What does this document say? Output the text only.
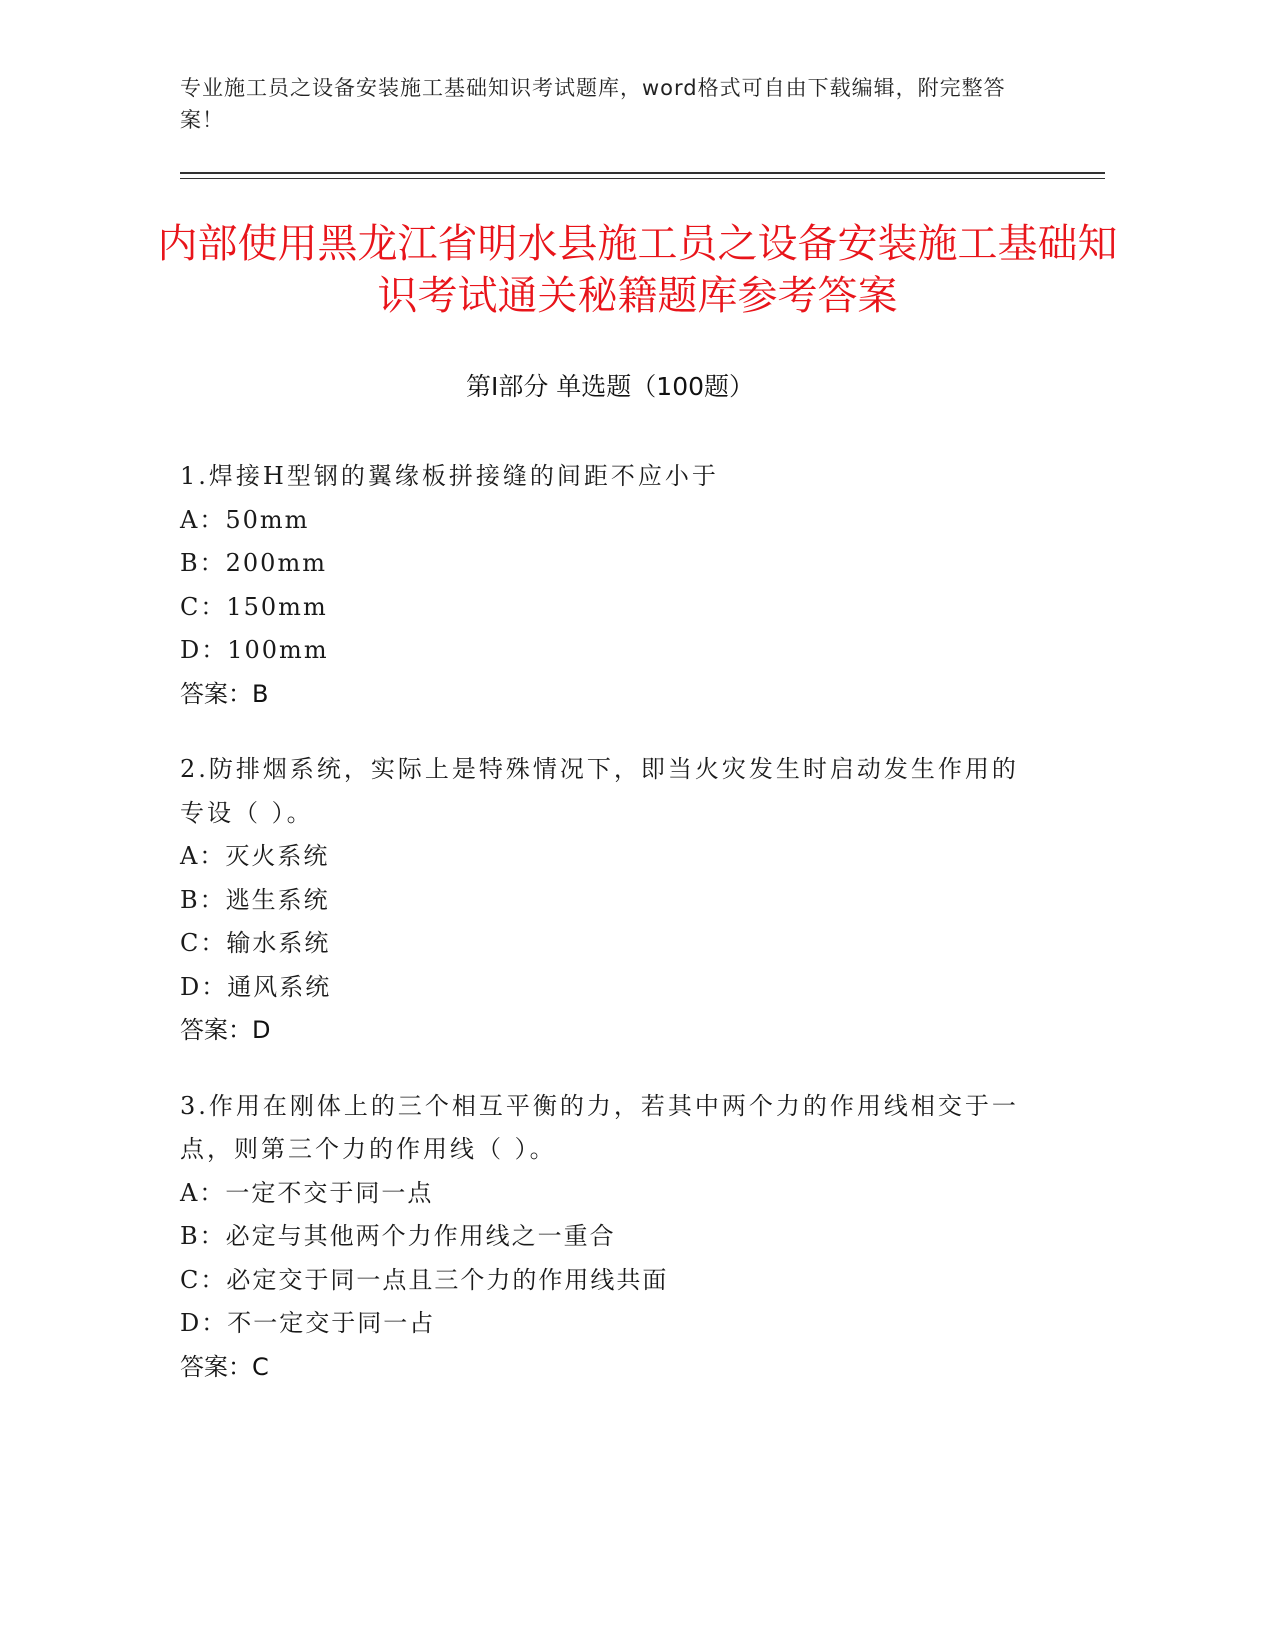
专业施工员之设备安装施工基础知识考试题库，word格式可自由下载编辑，附完整答案！
内部使用黑龙江省明水县施工员之设备安装施工基础知识考试通关秘籍题库参考答案
第Ⅰ部分 单选题（100题）
1.焊接H型钢的翼缘板拼接缝的间距不应小于
A：50mm
B：200mm
C：150mm
D：100mm
答案：B
2.防排烟系统，实际上是特殊情况下，即当火灾发生时启动发生作用的专设（ ）。
A：灭火系统
B：逃生系统
C：输水系统
D：通风系统
答案：D
3.作用在刚体上的三个相互平衡的力，若其中两个力的作用线相交于一点，则第三个力的作用线（ ）。
A：一定不交于同一点
B：必定与其他两个力作用线之一重合
C：必定交于同一点且三个力的作用线共面
D：不一定交于同一占
答案：C
